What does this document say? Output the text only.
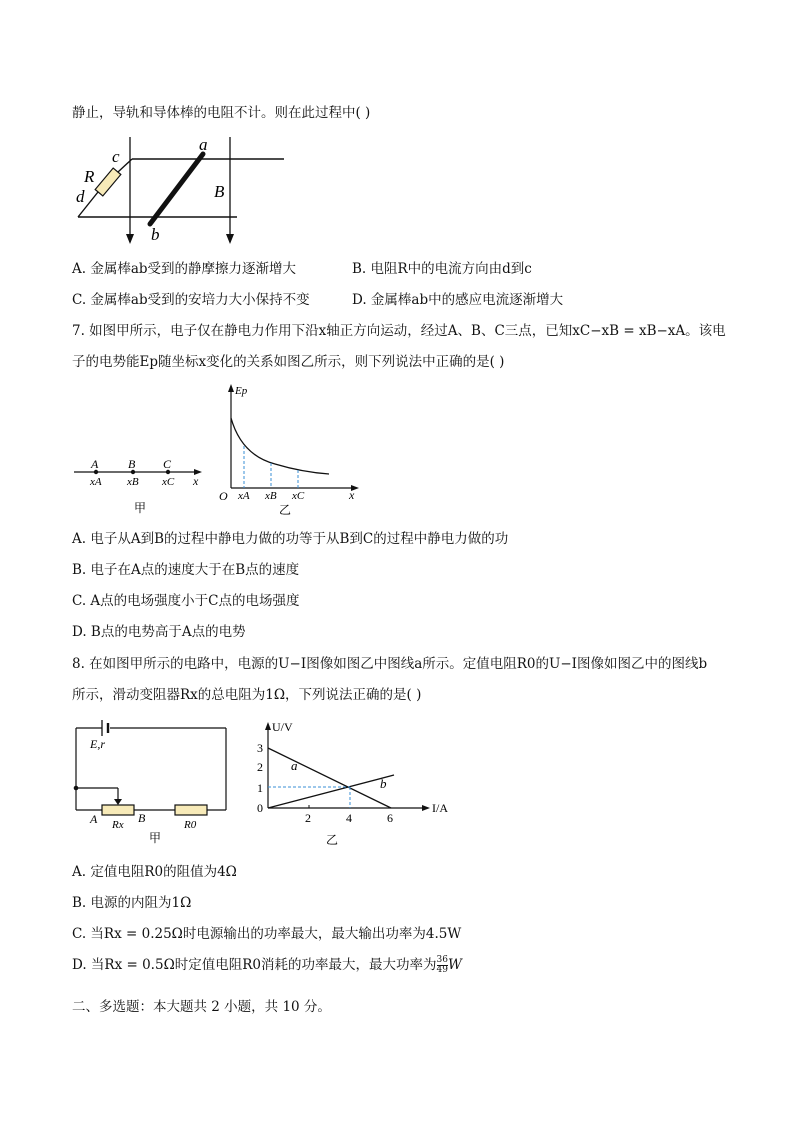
静止，导轨和导体棒的电阻不计。则在此过程中( )
a
b
c
d
R
B
A. 金属棒ab受到的静摩擦力逐渐增大	B. 电阻R中的电流方向由d到c
C. 金属棒ab受到的安培力大小保持不变	D. 金属棒ab中的感应电流逐渐增大
7. 如图甲所示，电子仅在静电力作用下沿x轴正方向运动，经过A、B、C三点，已知xC−xB = xB−xA。该电
子的电势能Ep随坐标x变化的关系如图乙所示，则下列说法中正确的是( )
A B C
xA xB xC x
甲
Ep
O xA xB xC	x
乙
A. 电子从A到B的过程中静电力做的功等于从B到C的过程中静电力做的功
B. 电子在A点的速度大于在B点的速度
C. A点的电场强度小于C点的电场强度
D. B点的电势高于A点的电势
8. 在如图甲所示的电路中，电源的U−I图像如图乙中图线a所示。定值电阻R0的U−I图像如图乙中的图线b
所示，滑动变阻器Rx的总电阻为1Ω，下列说法正确的是( )
E,r
A	B
Rx	R0
甲
U/V
I/A
0
1
2
3
2	4	6
a
b
乙
A. 定值电阻R0的阻值为4Ω
B. 电源的内阻为1Ω
C. 当Rx = 0.25Ω时电源输出的功率最大，最大输出功率为4.5W
D. 当Rx = 0.5Ω时定值电阻R0消耗的功率最大，最大功率为 $\frac{36}{49}$ W
二、多选题：本大题共 2 小题，共 10 分。
